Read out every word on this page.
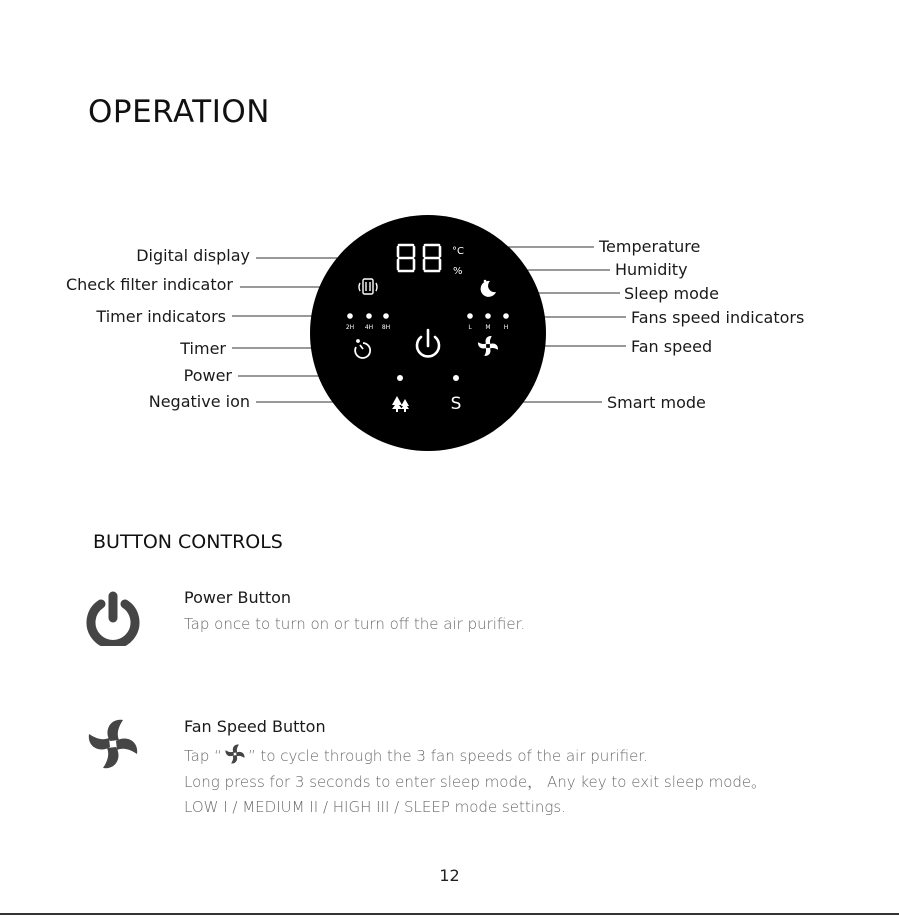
OPERATION
Digital display
Check filter indicator
Timer indicators
Timer
Power
Negative ion
Temperature
Humidity
Sleep mode
Fans speed indicators
Fan speed
Smart mode
°C
%
2H 4H 8H	L M H
S
BUTTON CONTROLS
Power Button
Tap once to turn on or turn off the air purifier.
Fan Speed Button
Tap “ ” to cycle through the 3 fan speeds of the air purifier.
Long press for 3 seconds to enter sleep mode， Any key to exit sleep mode。
LOW I / MEDIUM II / HIGH III / SLEEP mode settings.
12
